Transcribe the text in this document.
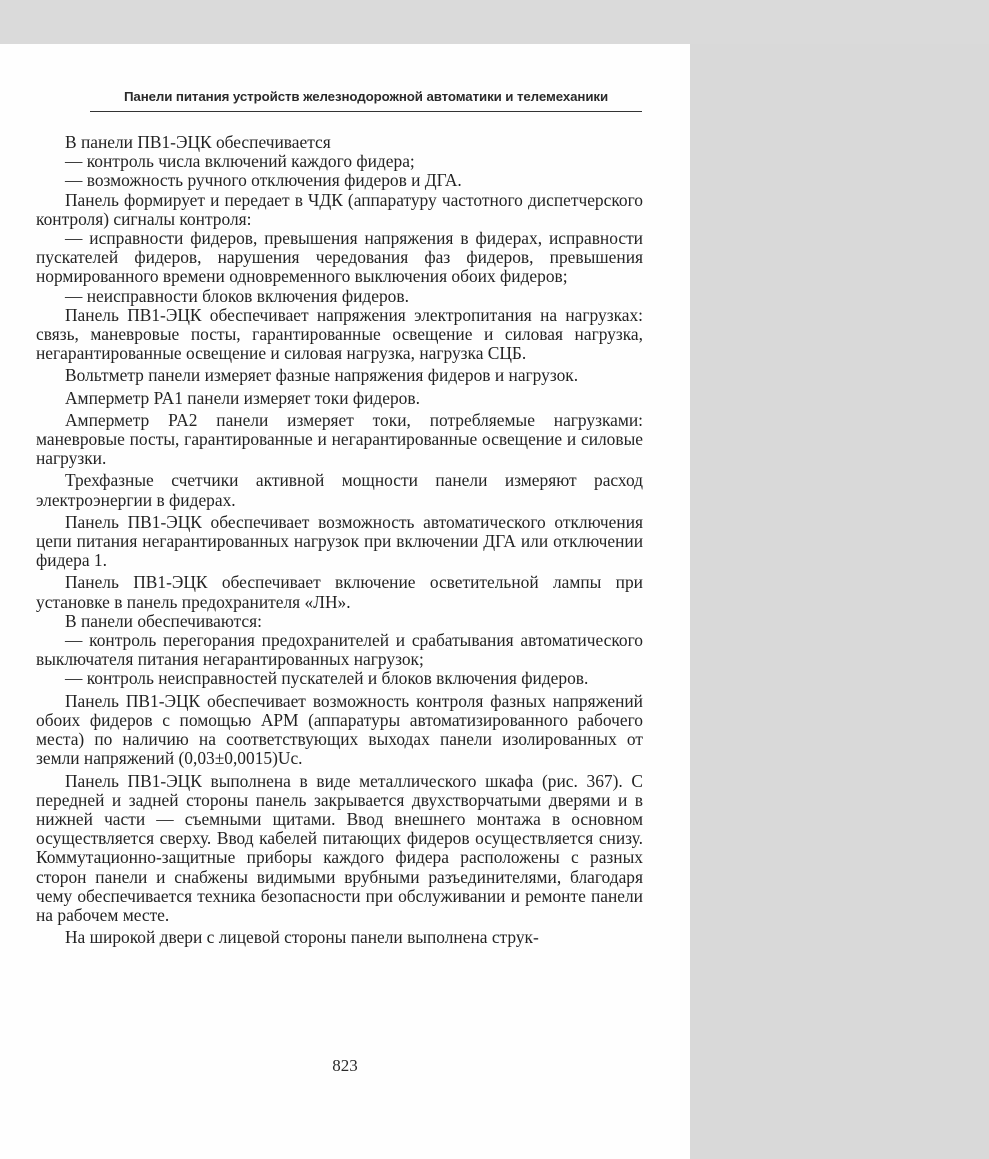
Панели питания устройств железнодорожной автоматики и телемеханики

В панели ПВ1-ЭЦК обеспечивается

— контроль числа включений каждого фидера;

— возможность ручного отключения фидеров и ДГА.

Панель формирует и передает в ЧДК (аппаратуру частотного диспетчерского контроля) сигналы контроля:

— исправности фидеров, превышения напряжения в фидерах, исправности пускателей фидеров, нарушения чередования фаз фидеров, превышения нормированного времени одновременного выключения обоих фидеров;

— неисправности блоков включения фидеров.

Панель ПВ1-ЭЦК обеспечивает напряжения электропитания на нагрузках: связь, маневровые посты, гарантированные освещение и силовая нагрузка, негарантированные освещение и силовая нагрузка, нагрузка СЦБ.

Вольтметр панели измеряет фазные напряжения фидеров и нагрузок.

Амперметр PA1 панели измеряет токи фидеров.

Амперметр PA2 панели измеряет токи, потребляемые нагрузками: маневровые посты, гарантированные и негарантированные освещение и силовые нагрузки.

Трехфазные счетчики активной мощности панели измеряют расход электроэнергии в фидерах.

Панель ПВ1-ЭЦК обеспечивает возможность автоматического отключения цепи питания негарантированных нагрузок при включении ДГА или отключении фидера 1.

Панель ПВ1-ЭЦК обеспечивает включение осветительной лампы при установке в панель предохранителя «ЛН».

В панели обеспечиваются:

— контроль перегорания предохранителей и срабатывания автоматического выключателя питания негарантированных нагрузок;

— контроль неисправностей пускателей и блоков включения фидеров.

Панель ПВ1-ЭЦК обеспечивает возможность контроля фазных напряжений обоих фидеров с помощью АРМ (аппаратуры автоматизированного рабочего места) по наличию на соответствующих выходах панели изолированных от земли напряжений (0,03±0,0015)Uc.

Панель ПВ1-ЭЦК выполнена в виде металлического шкафа (рис. 367). С передней и задней стороны панель закрывается двухстворчатыми дверями и в нижней части — съемными щитами. Ввод внешнего монтажа в основном осуществляется сверху. Ввод кабелей питающих фидеров осуществляется снизу. Коммутационно-защитные приборы каждого фидера расположены с разных сторон панели и снабжены видимыми врубными разъединителями, благодаря чему обеспечивается техника безопасности при обслуживании и ремонте панели на рабочем месте.

На широкой двери с лицевой стороны панели выполнена струк-

823
